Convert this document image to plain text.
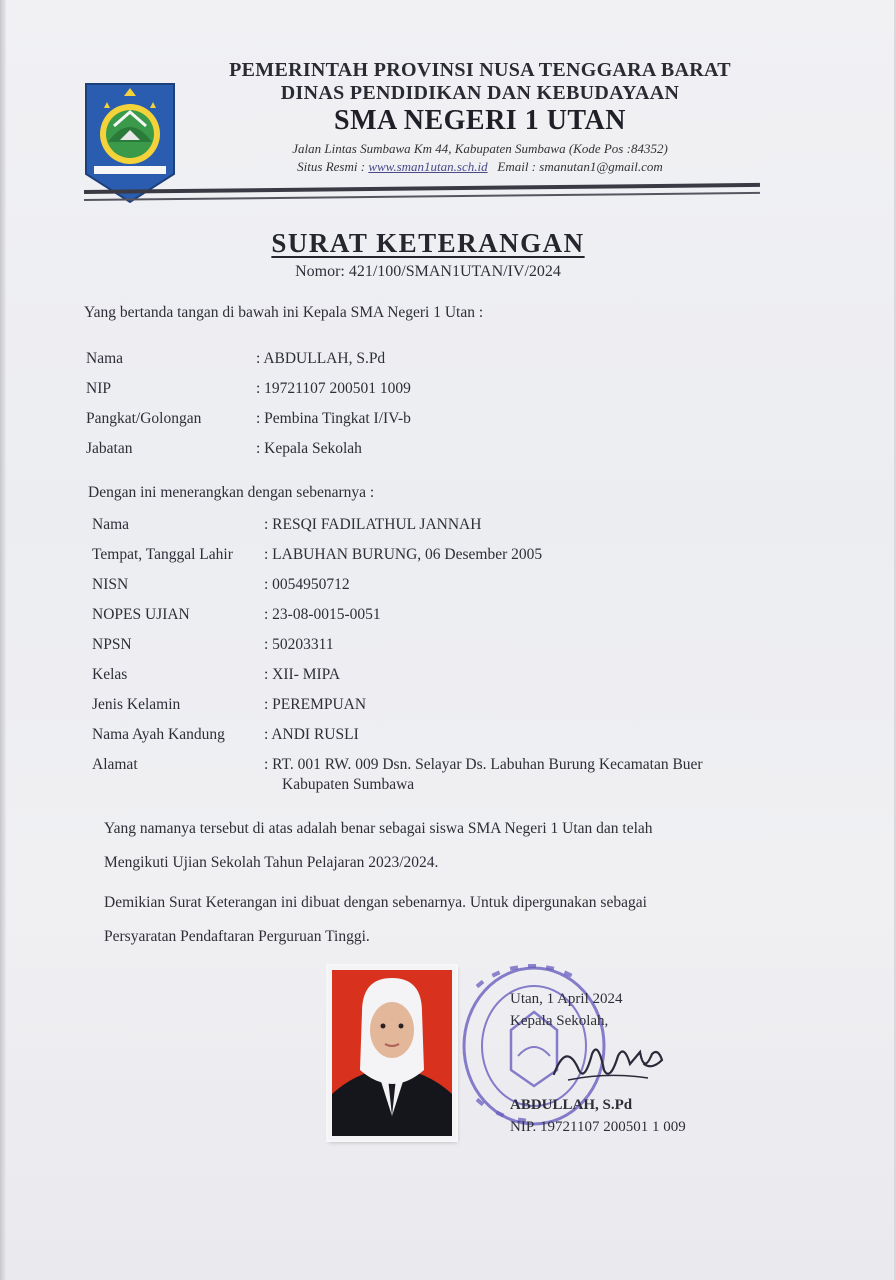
PEMERINTAH PROVINSI NUSA TENGGARA BARAT
DINAS PENDIDIKAN DAN KEBUDAYAAN
SMA NEGERI 1 UTAN
Jalan Lintas Sumbawa Km 44, Kabupaten Sumbawa (Kode Pos :84352)
Situs Resmi : www.sman1utan.sch.id Email : smanutan1@gmail.com
SURAT KETERANGAN
Nomor: 421/100/SMAN1UTAN/IV/2024
Yang bertanda tangan di bawah ini Kepala SMA Negeri 1 Utan :
Nama	: ABDULLAH, S.Pd
NIP	: 19721107 200501 1009
Pangkat/Golongan	: Pembina Tingkat I/IV-b
Jabatan	: Kepala Sekolah
Dengan ini menerangkan dengan sebenarnya :
Nama	: RESQI FADILATHUL JANNAH
Tempat, Tanggal Lahir : LABUHAN BURUNG, 06 Desember 2005
NISN	: 0054950712
NOPES UJIAN	: 23-08-0015-0051
NPSN	: 50203311
Kelas	: XII- MIPA
Jenis Kelamin	: PEREMPUAN
Nama Ayah Kandung	: ANDI RUSLI
Alamat	: RT. 001 RW. 009 Dsn. Selayar Ds. Labuhan Burung Kecamatan Buer
Kabupaten Sumbawa
Yang namanya tersebut di atas adalah benar sebagai siswa SMA Negeri 1 Utan dan telah
Mengikuti Ujian Sekolah Tahun Pelajaran 2023/2024.
Demikian Surat Keterangan ini dibuat dengan sebenarnya. Untuk dipergunakan sebagai
Persyaratan Pendaftaran Perguruan Tinggi.
Utan, 1 April 2024
Kepala Sekolah,
ABDULLAH, S.Pd
NIP. 19721107 200501 1 009
